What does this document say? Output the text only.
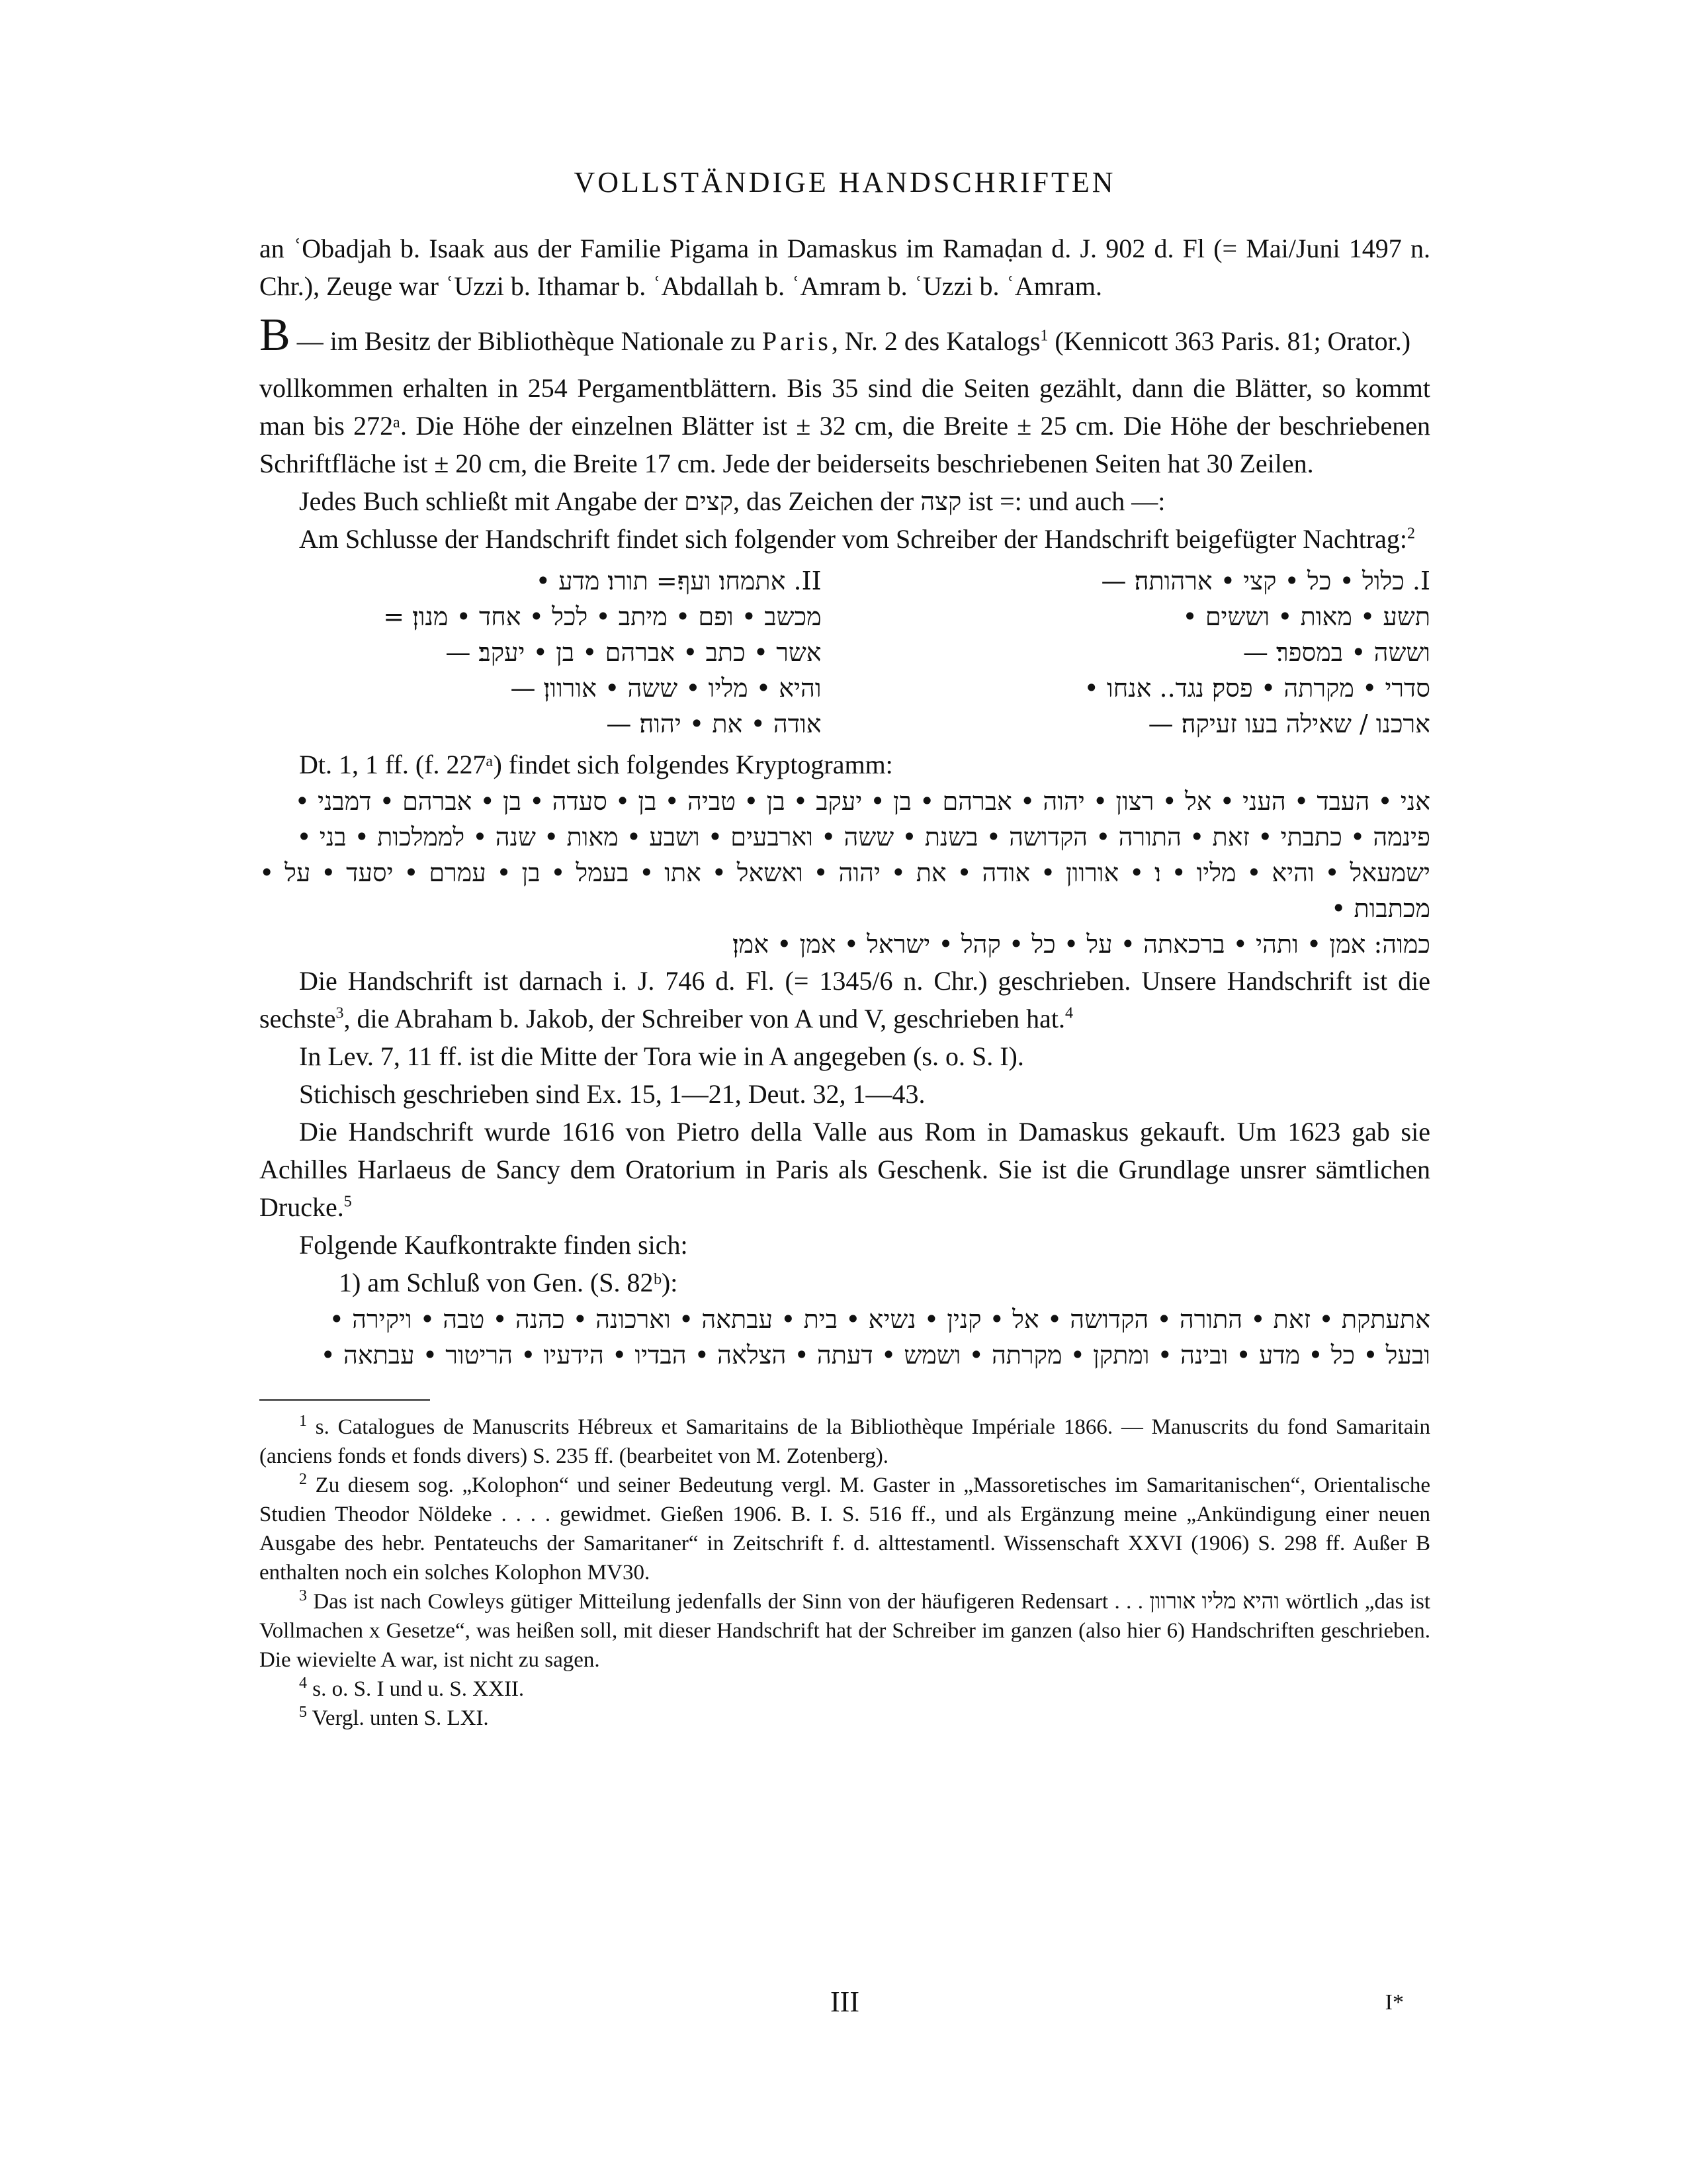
VOLLSTÄNDIGE HANDSCHRIFTEN

an ʿObadjah b. Isaak aus der Familie Pigama in Damaskus im Ramaḍan d. J. 902 d. Fl (= Mai/Juni 1497 n. Chr.), Zeuge war ʿUzzi b. Ithamar b. ʿAbdallah b. ʿAmram b. ʿUzzi b. ʿAmram.

B — im Besitz der Bibliothèque Nationale zu Paris, Nr. 2 des Katalogs$^1$ (Kennicott 363 Paris. 81; Orator.)

vollkommen erhalten in 254 Pergamentblättern. Bis 35 sind die Seiten gezählt, dann die Blätter, so kommt man bis 272ᵃ. Die Höhe der einzelnen Blätter ist ± 32 cm, die Breite ± 25 cm. Die Höhe der beschriebenen Schriftfläche ist ± 20 cm, die Breite 17 cm. Jede der beiderseits beschriebenen Seiten hat 30 Zeilen.

Jedes Buch schließt mit Angabe der קצים, das Zeichen der קצה ist =: und auch —:

Am Schlusse der Handschrift findet sich folgender vom Schreiber der Handschrift beigefügter Nachtrag:$^2$

II. אתמחו׃ ועף׃= תורו׃ מדע •
מכשב • ופם • מיתב • לכל • אחד • מנון׃ =
אשר • כתב • אברהם • בן • יעקב׃ —
והיא • מליו • ששה • אורוון׃ —
אודה • את • יהוה׃ —
I. כלול • כל • קצי • ארהותה׃ —
תשע • מאות • וששים •
וששה • במספר׃ —
סדרי • מקרתה • פסק׃ נגד.. אנחו •
ארכנו / שאילה בעו זעיקה׃ —

Dt. 1, 1 ff. (f. 227ᵃ) findet sich folgendes Kryptogramm:

אני • העבד • העני • אל • רצון • יהוה • אברהם • בן • יעקב • בן • טביה • בן • סעדה • בן • אברהם • דמבני •
פינמה • כתבתי • זאת • התורה • הקדושה • בשנת • ששה • וארבעים • ושבע • מאות • שנה • לממלכות • בני •
ישמעאל • והיא • מליו • ו׃ • אורוון • אודה • את • יהוה • ואשאל • אתו • בעמל • בן • עמרם • יסעד • על • מכתבות •
כמוה: אמן • ותהי • ברכאתה • על • כל • קהל • ישראל • אמן • אמן׃

Die Handschrift ist darnach i. J. 746 d. Fl. (= 1345/6 n. Chr.) geschrieben. Unsere Handschrift ist die sechste$^3$, die Abraham b. Jakob, der Schreiber von A und V, geschrieben hat.$^4$

In Lev. 7, 11 ff. ist die Mitte der Tora wie in A angegeben (s. o. S. I).

Stichisch geschrieben sind Ex. 15, 1—21, Deut. 32, 1—43.

Die Handschrift wurde 1616 von Pietro della Valle aus Rom in Damaskus gekauft. Um 1623 gab sie Achilles Harlaeus de Sancy dem Oratorium in Paris als Geschenk. Sie ist die Grundlage unsrer sämtlichen Drucke.$^5$

Folgende Kaufkontrakte finden sich:

1) am Schluß von Gen. (S. 82ᵇ):

אתעתקת • זאת • התורה • הקדושה • אל • קנין • נשיא • בית • עבתאה • וארכונה • כהנה • טבה • ויקירה •
ובעל • כל • מדע • ובינה • ומתקן • מקרתה • ושמש • דעתה • הצלאה • הבדיו • הידעיו • הריטור • עבתאה •

$^1$ s. Catalogues de Manuscrits Hébreux et Samaritains de la Bibliothèque Impériale 1866. — Manuscrits du fond Samaritain (anciens fonds et fonds divers) S. 235 ff. (bearbeitet von M. Zotenberg).

$^2$ Zu diesem sog. „Kolophon“ und seiner Bedeutung vergl. M. Gaster in „Massoretisches im Samaritanischen“, Orientalische Studien Theodor Nöldeke . . . . gewidmet. Gießen 1906. B. I. S. 516 ff., und als Ergänzung meine „Ankündigung einer neuen Ausgabe des hebr. Pentateuchs der Samaritaner“ in Zeitschrift f. d. alttestamentl. Wissenschaft XXVI (1906) S. 298 ff. Außer B enthalten noch ein solches Kolophon MV30.

$^3$ Das ist nach Cowleys gütiger Mitteilung jedenfalls der Sinn von der häufigeren Redensart . . . והיא מליו אורוון wörtlich „das ist Vollmachen x Gesetze“, was heißen soll, mit dieser Handschrift hat der Schreiber im ganzen (also hier 6) Handschriften geschrieben. Die wievielte A war, ist nicht zu sagen.

$^4$ s. o. S. I und u. S. XXII.

$^5$ Vergl. unten S. LXI.

III	I*
